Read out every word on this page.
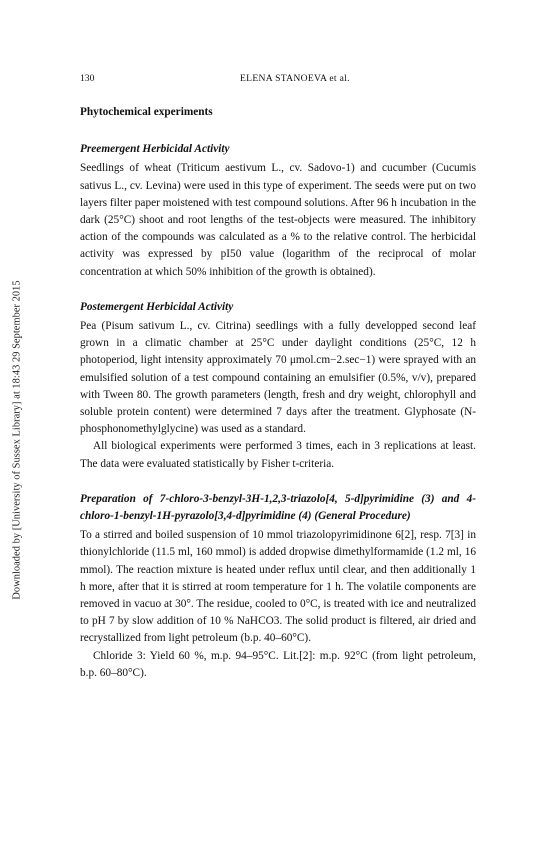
Downloaded by [University of Sussex Library] at 18:43 29 September 2015
130	ELENA STANOEVA et al.

Phytochemical experiments

Preemergent Herbicidal Activity

Seedlings of wheat (Triticum aestivum L., cv. Sadovo-1) and cucumber (Cucumis sativus L., cv. Levina) were used in this type of experiment. The seeds were put on two layers filter paper moistened with test compound solutions. After 96 h incubation in the dark (25°C) shoot and root lengths of the test-objects were measured. The inhibitory action of the compounds was calculated as a % to the relative control. The herbicidal activity was expressed by pI50 value (logarithm of the reciprocal of molar concentration at which 50% inhibition of the growth is obtained).

Postemergent Herbicidal Activity

Pea (Pisum sativum L., cv. Citrina) seedlings with a fully developped second leaf grown in a climatic chamber at 25°C under daylight conditions (25°C, 12 h photoperiod, light intensity approximately 70 μmol.cm−2.sec−1) were sprayed with an emulsified solution of a test compound containing an emulsifier (0.5%, v/v), prepared with Tween 80. The growth parameters (length, fresh and dry weight, chlorophyll and soluble protein content) were determined 7 days after the treatment. Glyphosate (N-phosphonomethylglycine) was used as a standard.

All biological experiments were performed 3 times, each in 3 replications at least. The data were evaluated statistically by Fisher t-criteria.

Preparation of 7-chloro-3-benzyl-3H-1,2,3-triazolo[4, 5-d]pyrimidine (3) and 4-chloro-1-benzyl-1H-pyrazolo[3,4-d]pyrimidine (4) (General Procedure)

To a stirred and boiled suspension of 10 mmol triazolopyrimidinone 6[2], resp. 7[3] in thionylchloride (11.5 ml, 160 mmol) is added dropwise dimethylformamide (1.2 ml, 16 mmol). The reaction mixture is heated under reflux until clear, and then additionally 1 h more, after that it is stirred at room temperature for 1 h. The volatile components are removed in vacuo at 30°. The residue, cooled to 0°C, is treated with ice and neutralized to pH 7 by slow addition of 10 % NaHCO3. The solid product is filtered, air dried and recrystallized from light petroleum (b.p. 40–60°C).

Chloride 3: Yield 60 %, m.p. 94–95°C. Lit.[2]: m.p. 92°C (from light petroleum, b.p. 60–80°C).
